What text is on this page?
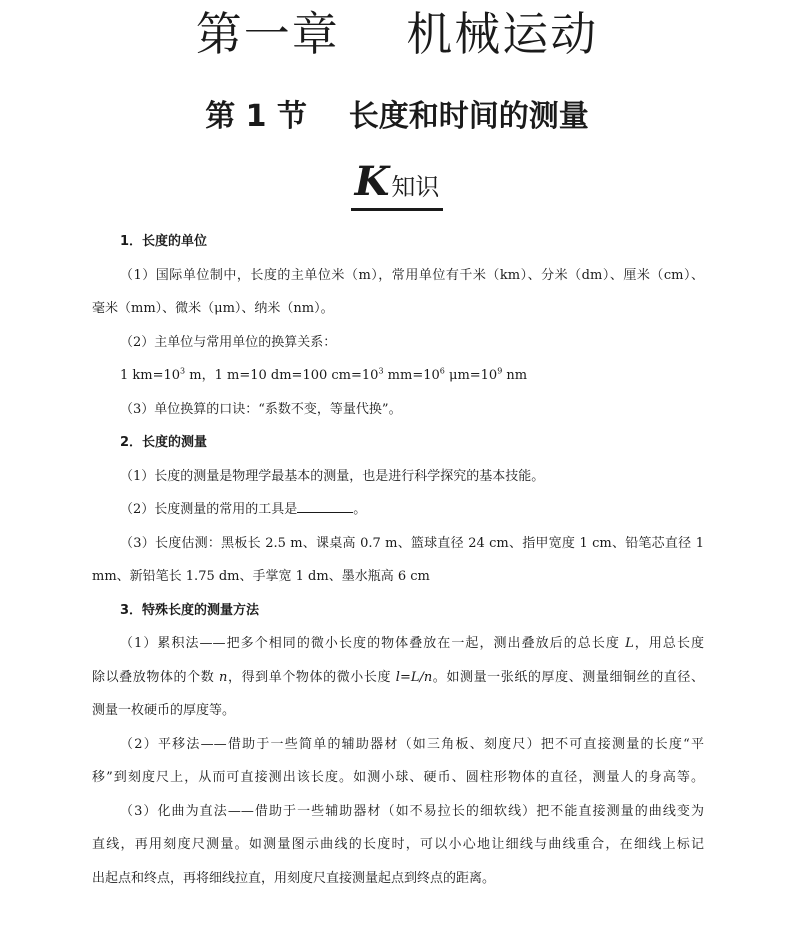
第一章    机械运动
第 1 节    长度和时间的测量
K知识
1．长度的单位
（1）国际单位制中，长度的主单位米（m），常用单位有千米（km）、分米（dm）、厘米（cm）、
毫米（mm）、微米（μm）、纳米（nm）。
（2）主单位与常用单位的换算关系：
1 $km=10^3$ m，1 m=10 dm=100 $cm=10^3$ $mm=10^6$ $\mu m=10^9$ nm
（3）单位换算的口诀：“系数不变，等量代换”。
2．长度的测量
（1）长度的测量是物理学最基本的测量，也是进行科学探究的基本技能。
（2）长度测量的常用的工具是	。
（3）长度估测：黑板长 2.5 m、课桌高 0.7 m、篮球直径 24 cm、指甲宽度 1 cm、铅笔芯直径 1
mm、新铅笔长 1.75 dm、手掌宽 1 dm、墨水瓶高 6 cm
3．特殊长度的测量方法
（1）累积法——把多个相同的微小长度的物体叠放在一起，测出叠放后的总长度 L，用总长度
除以叠放物体的个数 n，得到单个物体的微小长度 l=L/n。如测量一张纸的厚度、测量细铜丝的直径、
测量一枚硬币的厚度等。
（2）平移法——借助于一些简单的辅助器材（如三角板、刻度尺）把不可直接测量的长度“平
移”到刻度尺上，从而可直接测出该长度。如测小球、硬币、圆柱形物体的直径，测量人的身高等。
（3）化曲为直法——借助于一些辅助器材（如不易拉长的细软线）把不能直接测量的曲线变为
直线，再用刻度尺测量。如测量图示曲线的长度时，可以小心地让细线与曲线重合，在细线上标记
出起点和终点，再将细线拉直，用刻度尺直接测量起点到终点的距离。
